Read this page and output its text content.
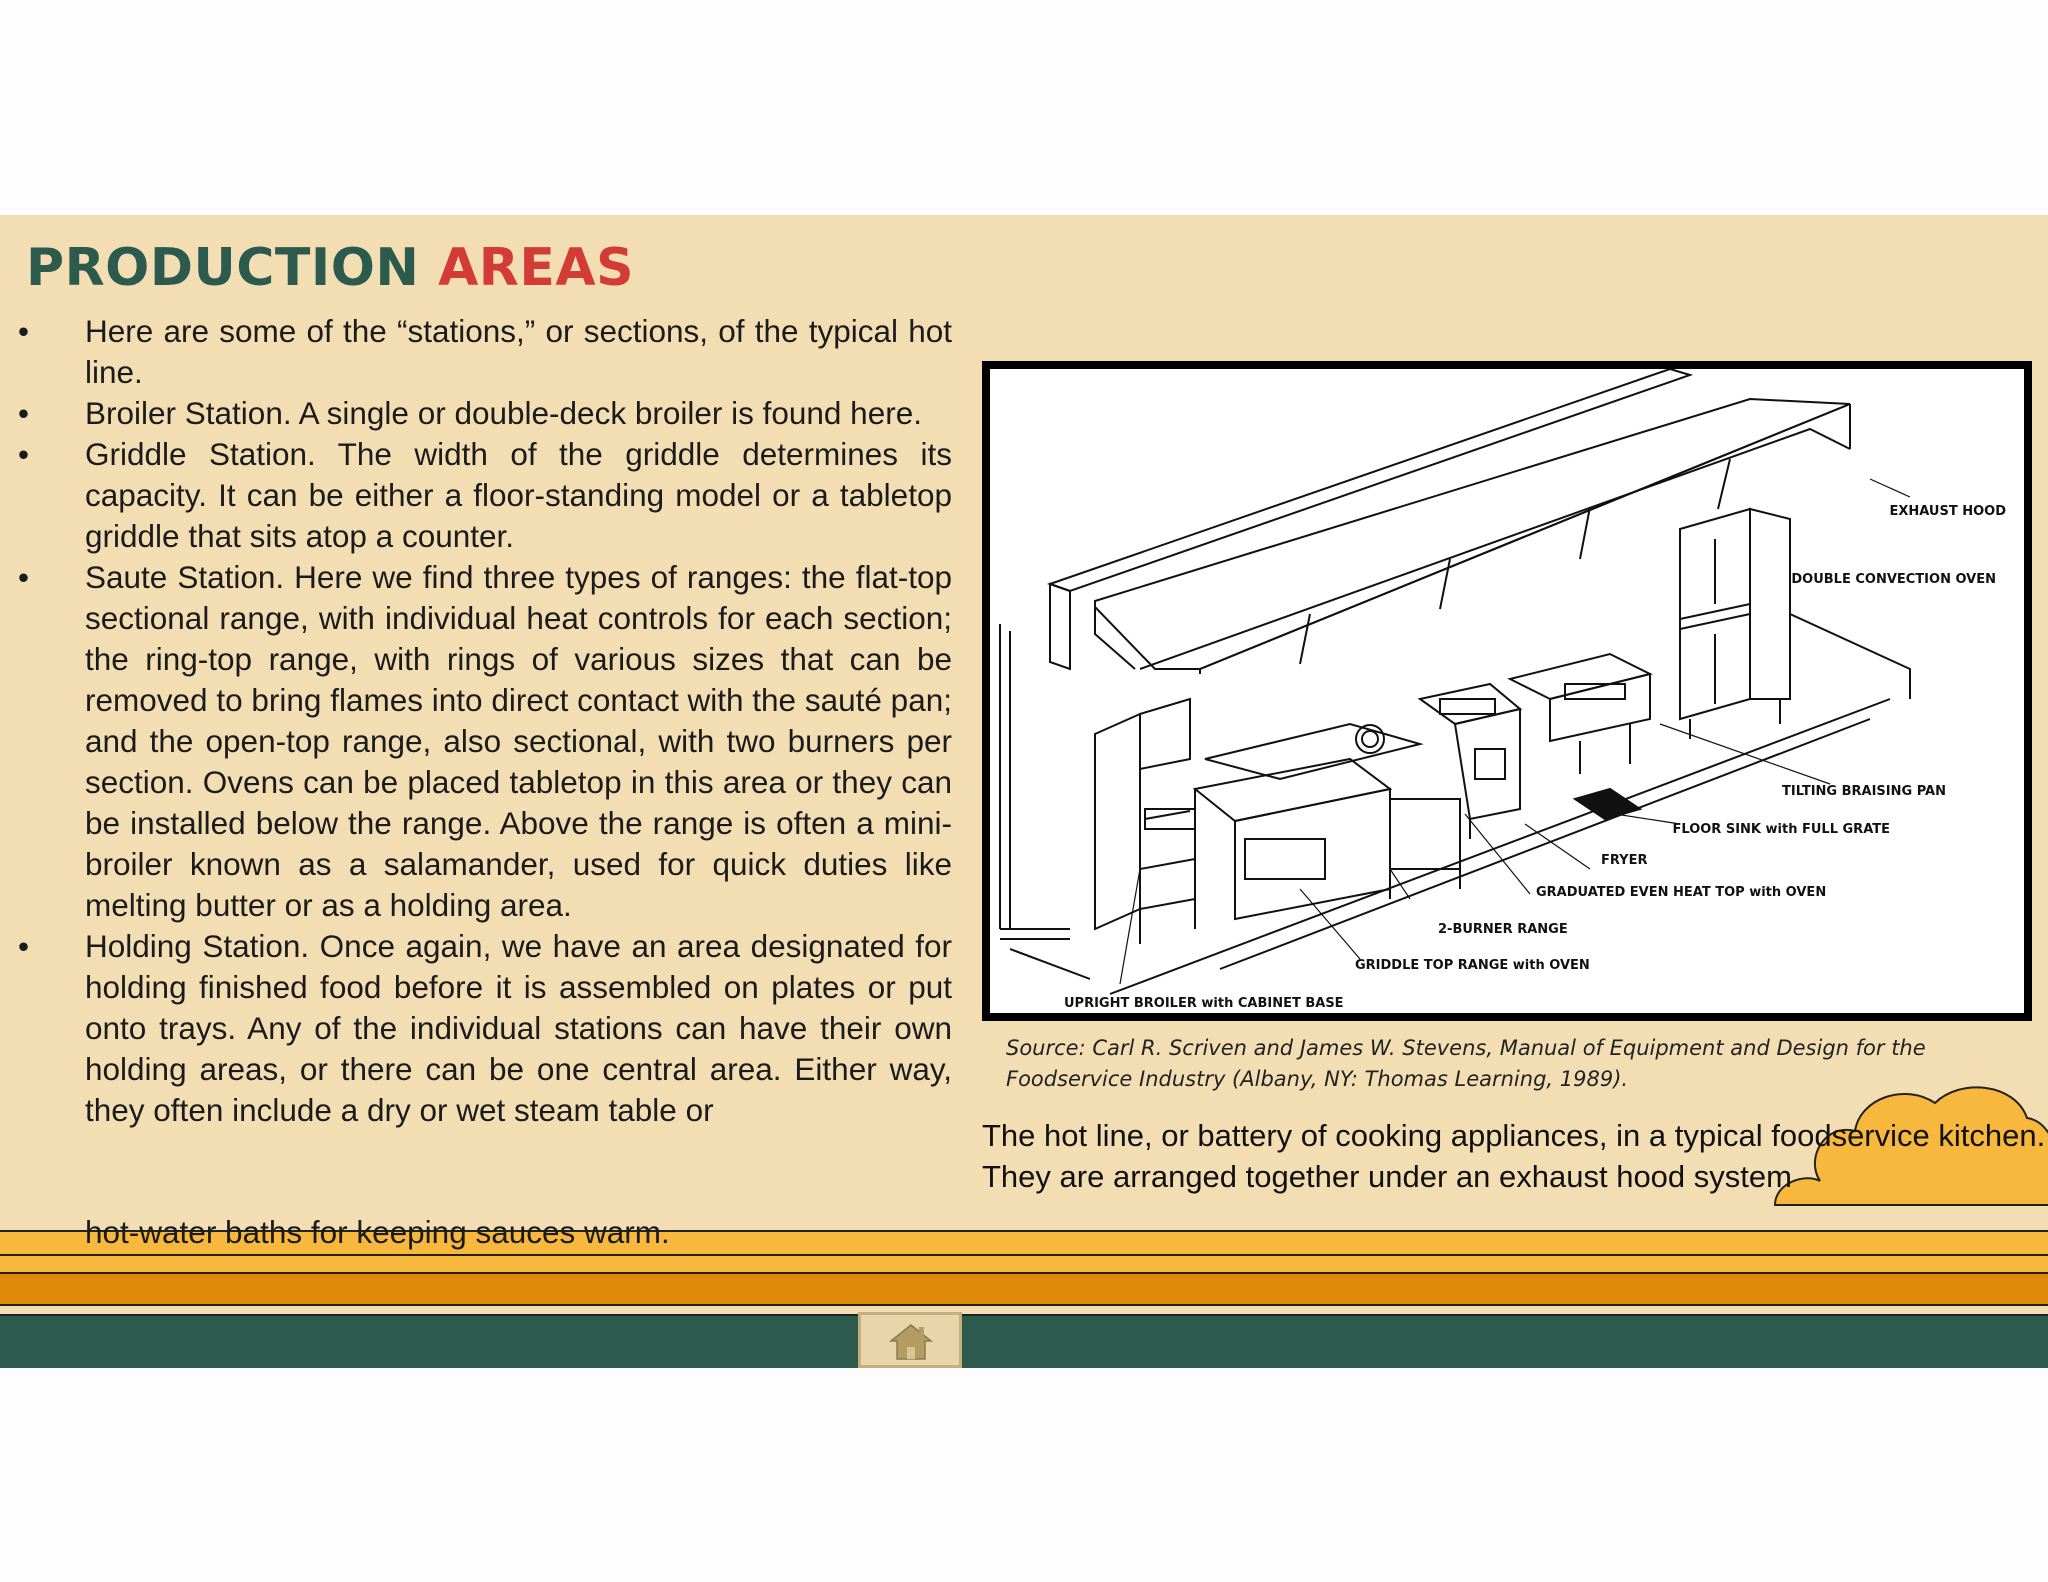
PRODUCTION AREAS
• Here are some of the “stations,” or sections, of the typical hot line.
• Broiler Station. A single or double-deck broiler is found here.
• Griddle Station. The width of the griddle determines its capacity. It can be either a floor-standing model or a tabletop griddle that sits atop a counter.
• Saute Station. Here we find three types of ranges: the flat-top sectional range, with individual heat controls for each section; the ring-top range, with rings of various sizes that can be removed to bring flames into direct contact with the sauté pan; and the open-top range, also sectional, with two burners per section. Ovens can be placed tabletop in this area or they can be installed below the range. Above the range is often a mini-broiler known as a salamander, used for quick duties like melting butter or as a holding area.
• Holding Station. Once again, we have an area designated for holding finished food before it is assembled on plates or put onto trays. Any of the individual stations can have their own holding areas, or there can be one central area. Either way, they often include a dry or wet steam table or
EXHAUST HOOD
DOUBLE CONVECTION OVEN
TILTING BRAISING PAN
FLOOR SINK with FULL GRATE
FRYER
GRADUATED EVEN HEAT TOP with OVEN
2-BURNER RANGE
GRIDDLE TOP RANGE with OVEN
UPRIGHT BROILER with CABINET BASE
Source: Carl R. Scriven and James W. Stevens, Manual of Equipment and Design for the
Foodservice Industry (Albany, NY: Thomas Learning, 1989).
The hot line, or battery of cooking appliances, in a typical foodservice kitchen. They are arranged together under an exhaust hood system
hot-water baths for keeping sauces warm.
